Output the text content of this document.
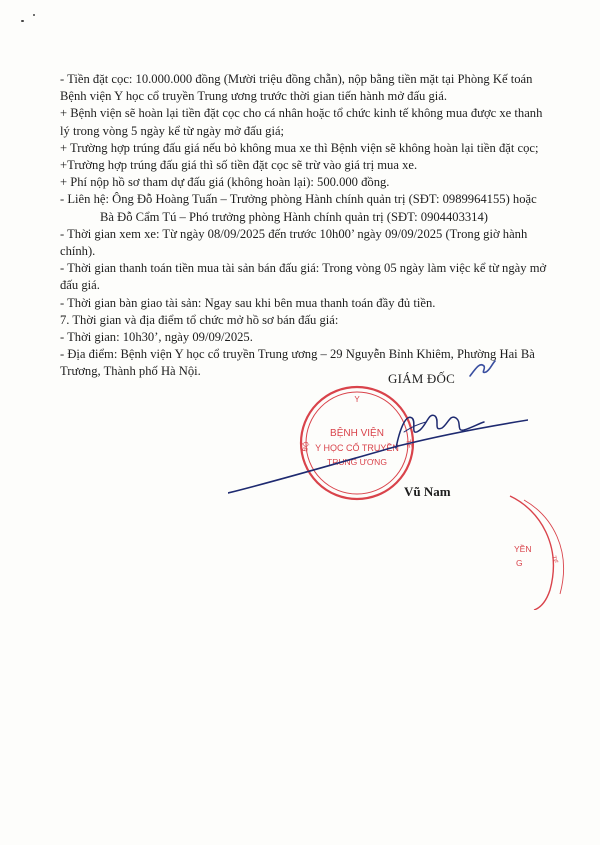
- Tiền đặt cọc: 10.000.000 đồng (Mười triệu đồng chẵn), nộp bằng tiền mặt tại Phòng Kế toán Bệnh viện Y học cổ truyền Trung ương trước thời gian tiến hành mở đấu giá.

+ Bệnh viện sẽ hoàn lại tiền đặt cọc cho cá nhân hoặc tổ chức kinh tế không mua được xe thanh lý trong vòng 5 ngày kể từ ngày mở đấu giá;

+ Trường hợp trúng đấu giá nếu bỏ không mua xe thì Bệnh viện sẽ không hoàn lại tiền đặt cọc;

+Trường hợp trúng đấu giá thì số tiền đặt cọc sẽ trừ vào giá trị mua xe.

+ Phí nộp hồ sơ tham dự đấu giá (không hoàn lại): 500.000 đồng.

- Liên hệ: Ông Đỗ Hoàng Tuấn – Trưởng phòng Hành chính quản trị (SĐT: 0989964155) hoặc

Bà Đỗ Cẩm Tú – Phó trưởng phòng Hành chính quản trị (SĐT: 0904403314)

- Thời gian xem xe: Từ ngày 08/09/2025 đến trước 10h00’ ngày 09/09/2025 (Trong giờ hành chính).

- Thời gian thanh toán tiền mua tài sản bán đấu giá: Trong vòng 05 ngày làm việc kể từ ngày mở đấu giá.

- Thời gian bàn giao tài sản: Ngay sau khi bên mua thanh toán đầy đủ tiền.

7. Thời gian và địa điểm tổ chức mở hồ sơ bán đấu giá:

- Thời gian: 10h30’, ngày 09/09/2025.

- Địa điểm: Bệnh viện Y học cổ truyền Trung ương – 29 Nguyễn Bỉnh Khiêm, Phường Hai Bà Trương, Thành phố Hà Nội.	GIÁM ĐỐC
Y
BỆNH VIỆN
Y HỌC CỔ TRUYỀN
TRUNG ƯƠNG
BỘ	TẾ
Vũ Nam
YỀN
G	TẾ
